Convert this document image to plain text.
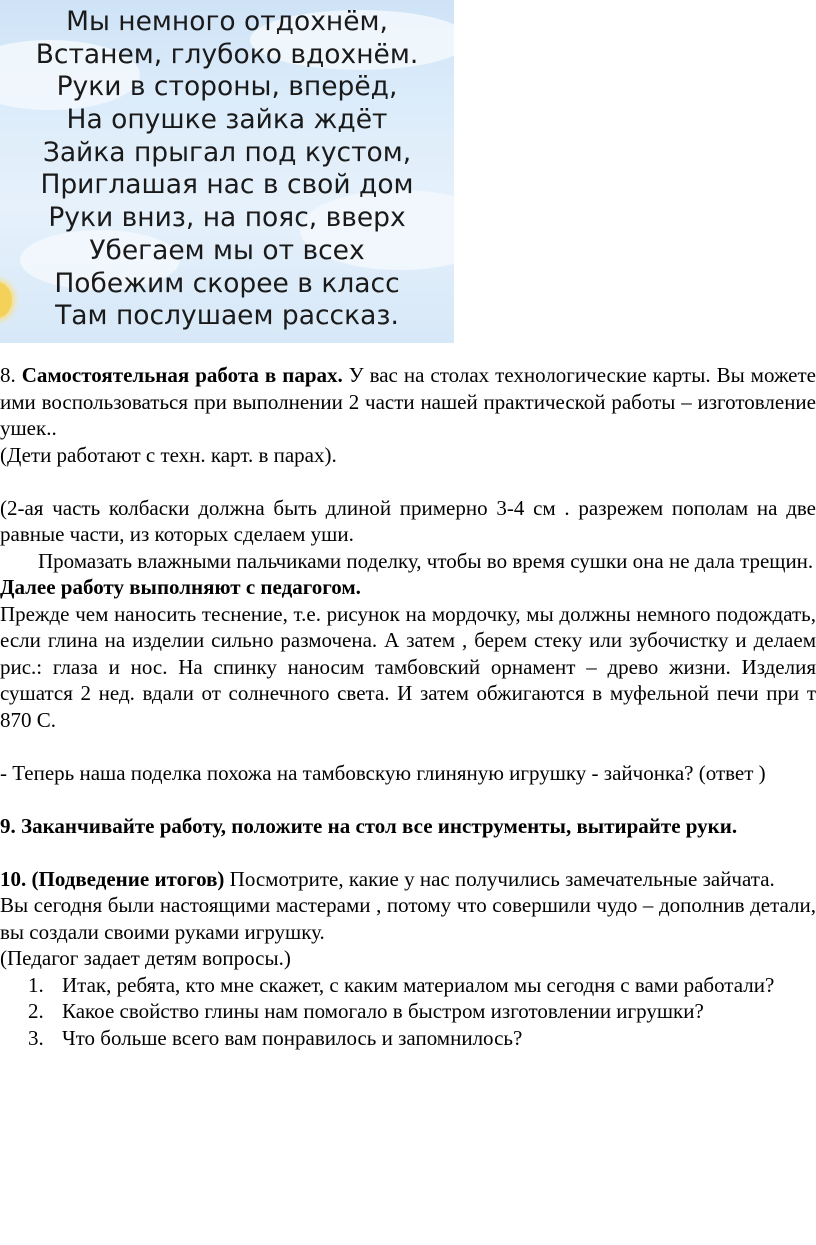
Мы немного отдохнём,
Встанем, глубоко вдохнём.
Руки в стороны, вперёд,
На опушке зайка ждёт
Зайка прыгал под кустом,
Приглашая нас в свой дом
Руки вниз, на пояс, вверх
Убегаем мы от всех
Побежим скорее в класс
Там послушаем рассказ.

8. Самостоятельная работа в парах. У вас на столах технологические карты. Вы можете ими воспользоваться при выполнении 2 части нашей практической работы – изготовление ушек..

(Дети работают с техн. карт. в парах).

(2-ая часть колбаски должна быть длиной примерно 3-4 см . разрежем пополам на две равные части, из которых сделаем уши.

Промазать влажными пальчиками поделку, чтобы во время сушки она не дала трещин.

Далее работу выполняют с педагогом.

Прежде чем наносить теснение, т.е. рисунок на мордочку, мы должны немного подождать, если глина на изделии сильно размочена. А затем , берем стеку или зубочистку и делаем рис.: глаза и нос. На спинку наносим тамбовский орнамент – древо жизни. Изделия сушатся 2 нед. вдали от солнечного света. И затем обжигаются в муфельной печи при т 870 С.

- Теперь наша поделка похожа на тамбовскую глиняную игрушку - зайчонка? (ответ )

9. Заканчивайте работу, положите на стол все инструменты, вытирайте руки.

10. (Подведение итогов) Посмотрите, какие у нас получились замечательные зайчата.

Вы сегодня были настоящими мастерами , потому что совершили чудо – дополнив детали, вы создали своими руками игрушку.

(Педагог задает детям вопросы.)

1. Итак, ребята, кто мне скажет, с каким материалом мы сегодня с вами работали?
2. Какое свойство глины нам помогало в быстром изготовлении игрушки?
3. Что больше всего вам понравилось и запомнилось?
